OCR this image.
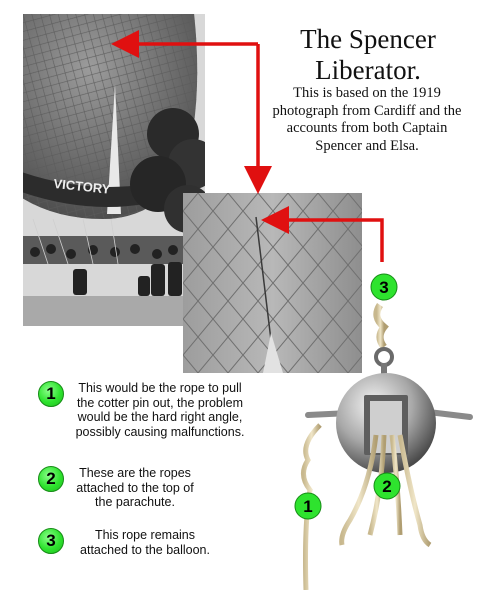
VICTORY
The Spencer Liberator.
This is based on the 1919 photograph from Cardiff and the accounts from both Captain Spencer and Elsa.
1	This would be the rope to pull the cotter pin out, the problem would be the hard right angle, possibly causing malfunctions.
2	These are the ropes attached to the top of the parachute.
3	This rope remains attached to the balloon.
3
1
2
